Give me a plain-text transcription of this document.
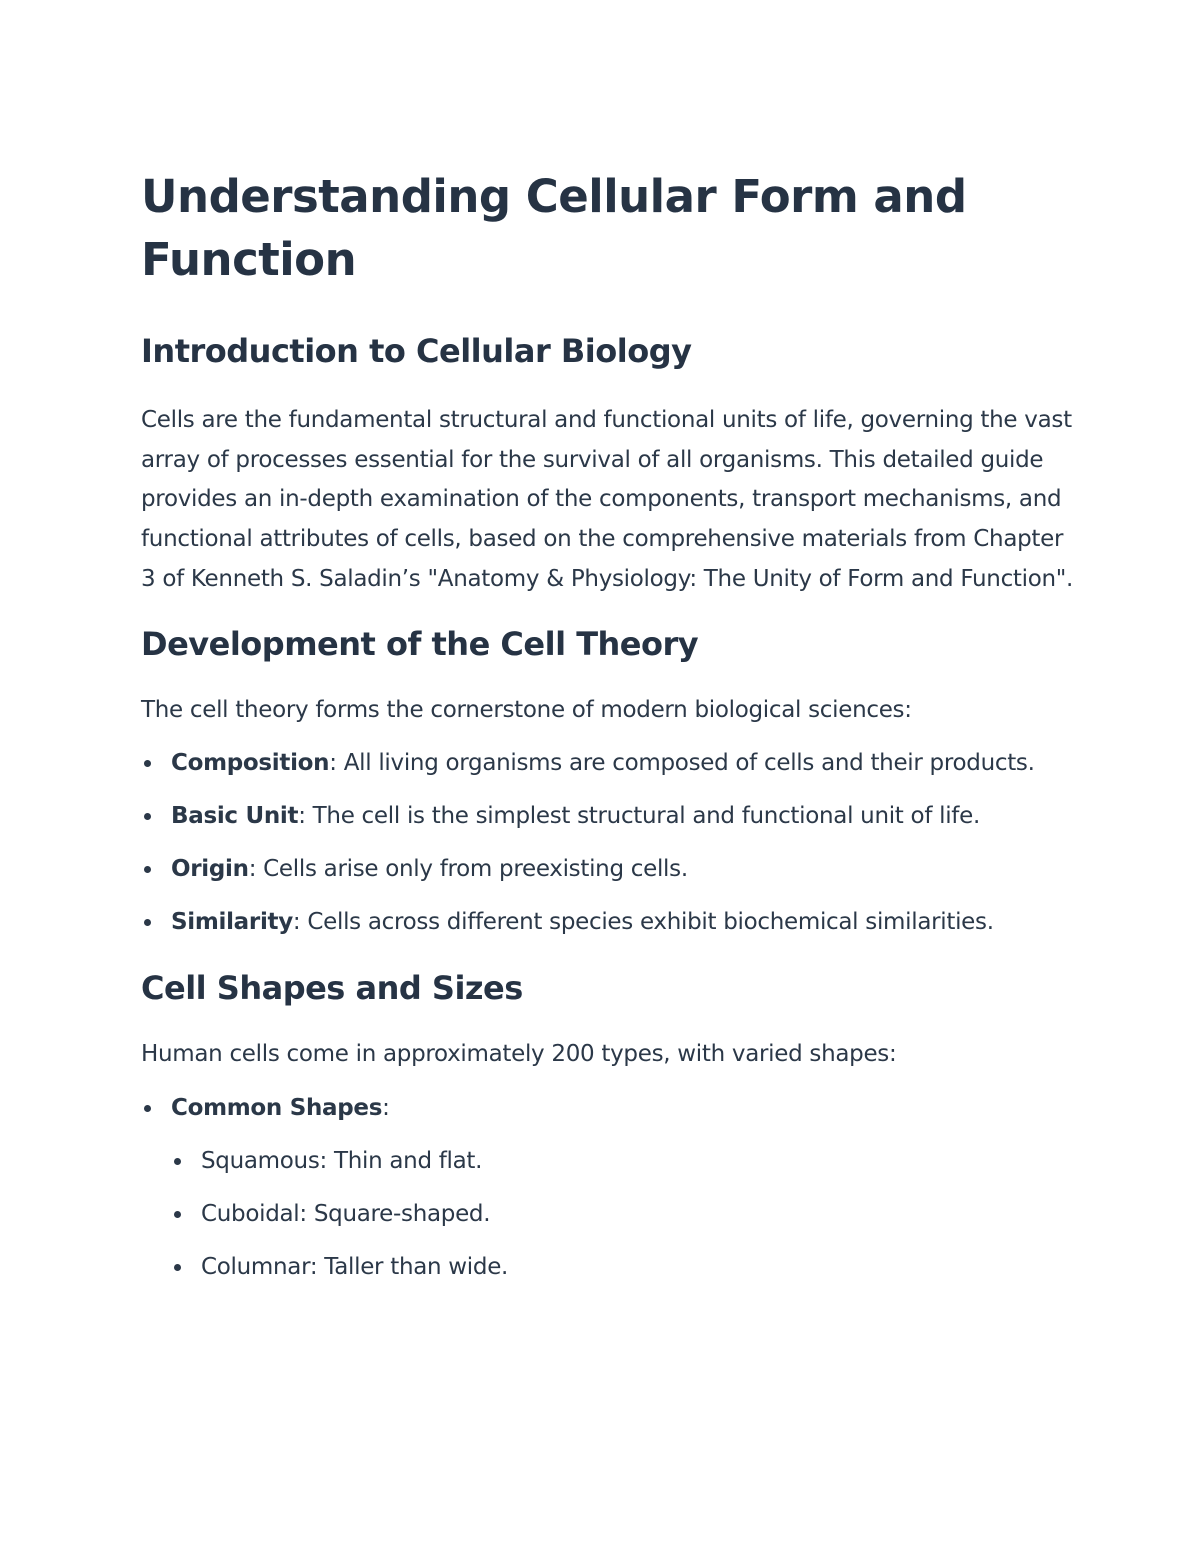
Understanding Cellular Form and Function
Introduction to Cellular Biology

Cells are the fundamental structural and functional units of life, governing the vast array of processes essential for the survival of all organisms. This detailed guide provides an in-depth examination of the components, transport mechanisms, and functional attributes of cells, based on the comprehensive materials from Chapter 3 of Kenneth S. Saladin’s "Anatomy & Physiology: The Unity of Form and Function".

Development of the Cell Theory

The cell theory forms the cornerstone of modern biological sciences:

Composition: All living organisms are composed of cells and their products.
Basic Unit: The cell is the simplest structural and functional unit of life.
Origin: Cells arise only from preexisting cells.
Similarity: Cells across different species exhibit biochemical similarities.
Cell Shapes and Sizes

Human cells come in approximately 200 types, with varied shapes:

Common Shapes:
Squamous: Thin and flat.
Cuboidal: Square-shaped.
Columnar: Taller than wide.
